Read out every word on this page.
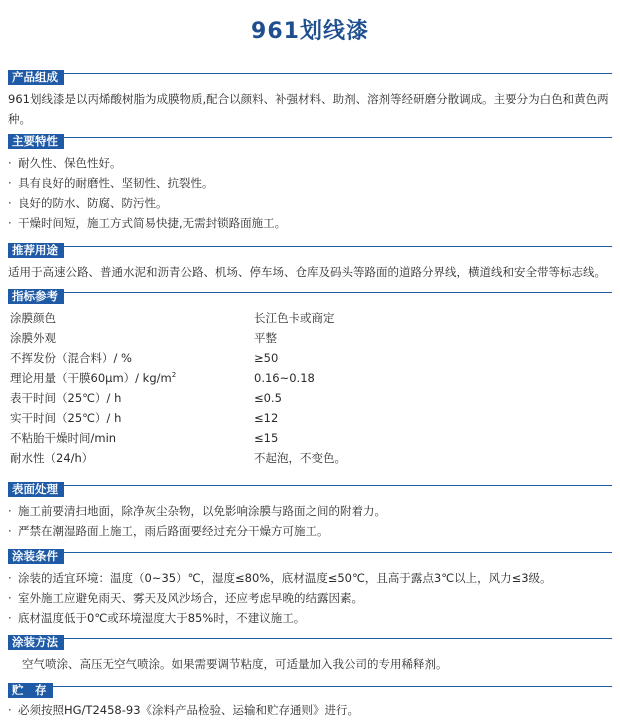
961划线漆
产品组成
961划线漆是以丙烯酸树脂为成膜物质,配合以颜料、补强材料、助剂、溶剂等经研磨分散调成。主要分为白色和黄色两种。
主要特性
· 耐久性、保色性好。
· 具有良好的耐磨性、坚韧性、抗裂性。
· 良好的防水、防腐、防污性。
· 干燥时间短，施工方式简易快捷,无需封锁路面施工。
推荐用途
适用于高速公路、普通水泥和沥青公路、机场、停车场、仓库及码头等路面的道路分界线，横道线和安全带等标志线。
指标参考
涂膜颜色	长江色卡或商定
涂膜外观	平整
不挥发份（混合料）/ %	≥50
理论用量（干膜60μm）/ $kg/m^2$	0.16~0.18
表干时间（25℃）/ h	≤0.5
实干时间（25℃）/ h	≤12
不粘胎干燥时间/min	≤15
耐水性（24/h）	不起泡，不变色。
表面处理
· 施工前要清扫地面，除净灰尘杂物，以免影响涂膜与路面之间的附着力。
· 严禁在潮湿路面上施工，雨后路面要经过充分干燥方可施工。
涂装条件
· 涂装的适宜环境：温度（0~35）℃，湿度≤80%，底材温度≤50℃，且高于露点3℃以上，风力≤3级。
· 室外施工应避免雨天、雾天及风沙场合，还应考虑早晚的结露因素。
· 底材温度低于0℃或环境湿度大于85%时，不建议施工。
涂装方法
空气喷涂、高压无空气喷涂。如果需要调节粘度，可适量加入我公司的专用稀释剂。
贮　存
· 必须按照HG/T2458-93《涂料产品检验、运输和贮存通则》进行。
